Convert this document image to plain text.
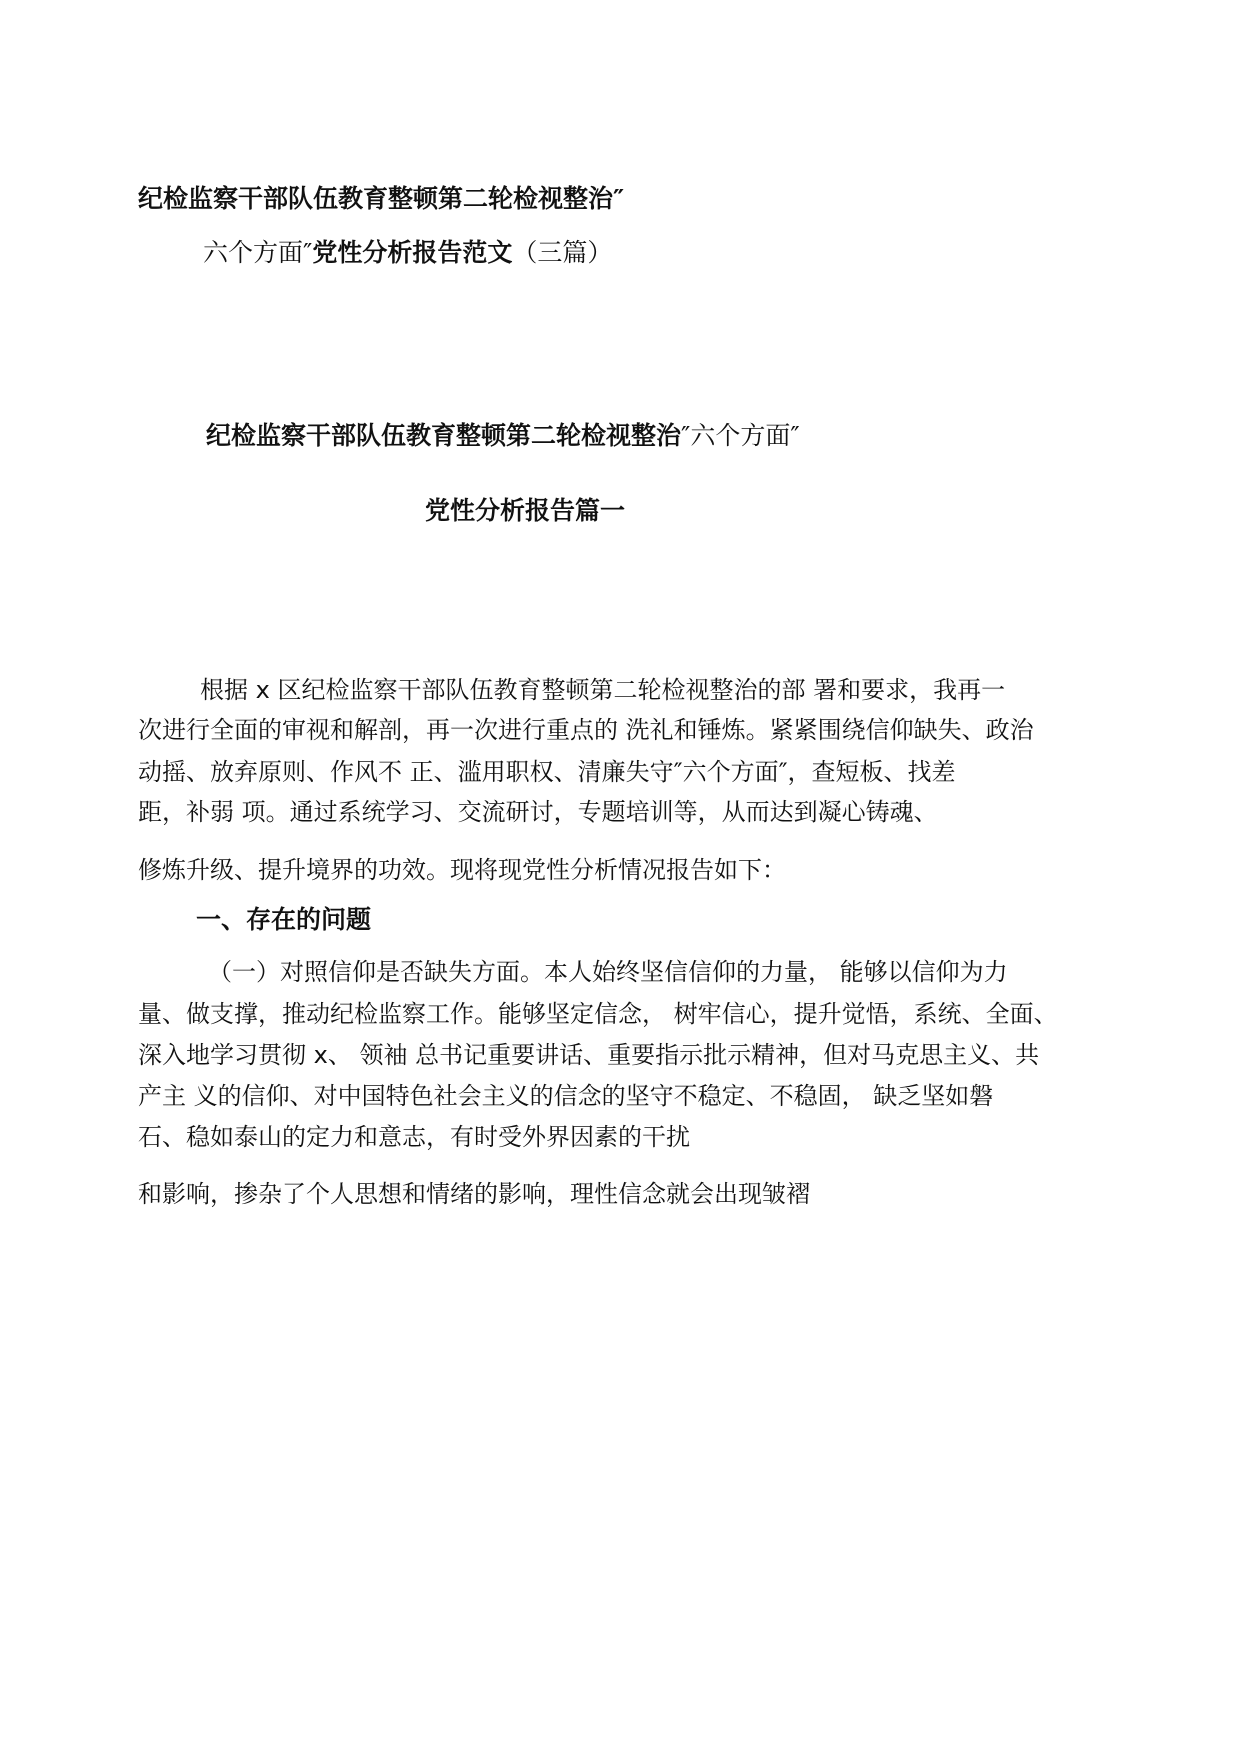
纪检监察干部队伍教育整顿第二轮检视整治″
六个方面″党性分析报告范文（三篇）
纪检监察干部队伍教育整顿第二轮检视整治″六个方面″
党性分析报告篇一
根据 x 区纪检监察干部队伍教育整顿第二轮检视整治的部 署和要求，我再一
次进行全面的审视和解剖，再一次进行重点的 洗礼和锤炼。紧紧围绕信仰缺失、政治
动摇、放弃原则、作风不 正、滥用职权、清廉失守″六个方面″，查短板、找差
距，补弱 项。通过系统学习、交流研讨，专题培训等，从而达到凝心铸魂、
修炼升级、提升境界的功效。现将现党性分析情况报告如下：
一、存在的问题
（一）对照信仰是否缺失方面。本人始终坚信信仰的力量， 能够以信仰为力
量、做支撑，推动纪检监察工作。能够坚定信念， 树牢信心，提升觉悟，系统、全面、
深入地学习贯彻 x、 领袖 总书记重要讲话、重要指示批示精神，但对马克思主义、共
产主 义的信仰、对中国特色社会主义的信念的坚守不稳定、不稳固， 缺乏坚如磐
石、稳如泰山的定力和意志，有时受外界因素的干扰
和影响，掺杂了个人思想和情绪的影响，理性信念就会出现皱褶
